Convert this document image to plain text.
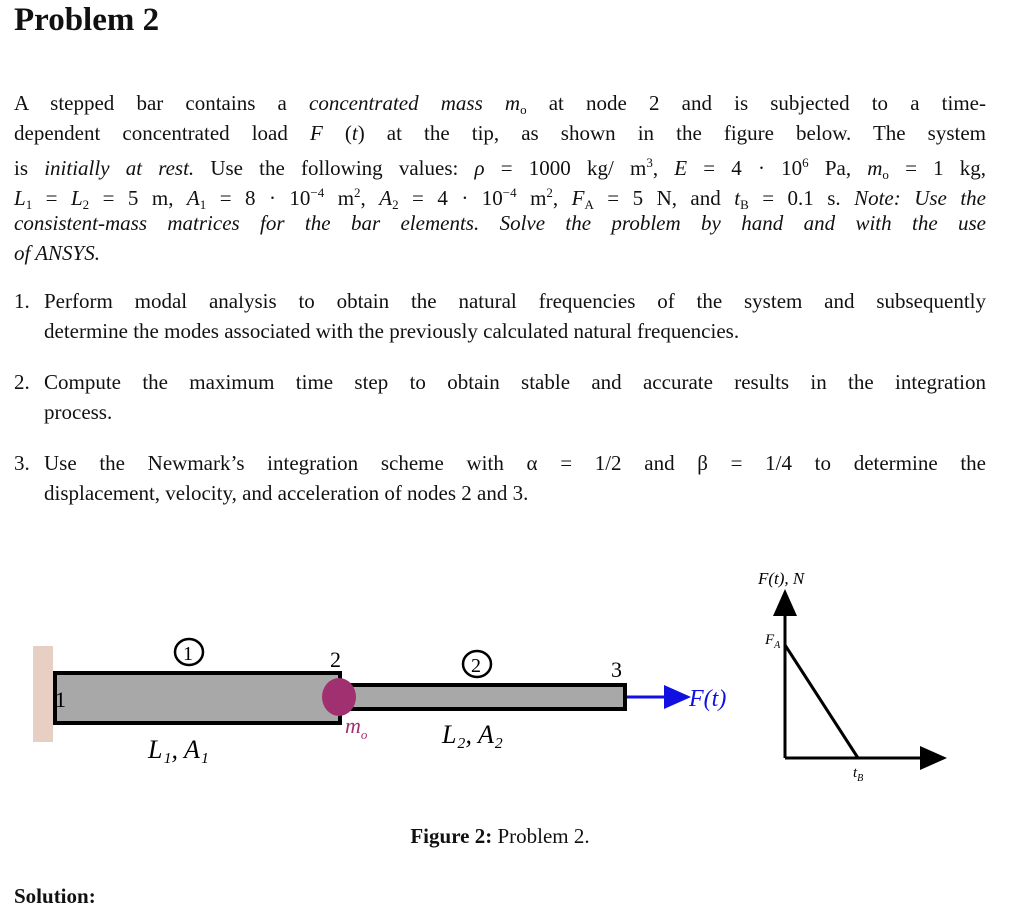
Problem 2
A stepped bar contains a concentrated mass $m_o$ at node 2 and is subjected to a time-
dependent concentrated load F (t) at the tip, as shown in the figure below. The system
is initially at rest. Use the following values: ρ = 1000 kg/ $m^3$, $E = 4 \cdot 10^6$ Pa, $m_o = 1$ kg,
$L_1 = L_2 = 5$ m, $A_1 = 8 \cdot 10^{-4}$ $m^2$, $A_2 = 4 \cdot 10^{-4}$ $m^2$, $F_A = 5$ N, and $t_B = 0.1$ s. Note: Use the
consistent-mass matrices for the bar elements. Solve the problem by hand and with the use
of ANSYS.
1. Perform modal analysis to obtain the natural frequencies of the system and subsequently
determine the modes associated with the previously calculated natural frequencies.
2. Compute the maximum time step to obtain stable and accurate results in the integration
process.
3. Use the Newmark’s integration scheme with α = 1/2 and β = 1/4 to determine the
displacement, velocity, and acceleration of nodes 2 and 3.
1
2	3
1
2
$m_o$
L₁, A₁
L₂, A₂
F(t)
F(t), N
$F_A$
$t_B$
Figure 2: Problem 2.
Solution:
